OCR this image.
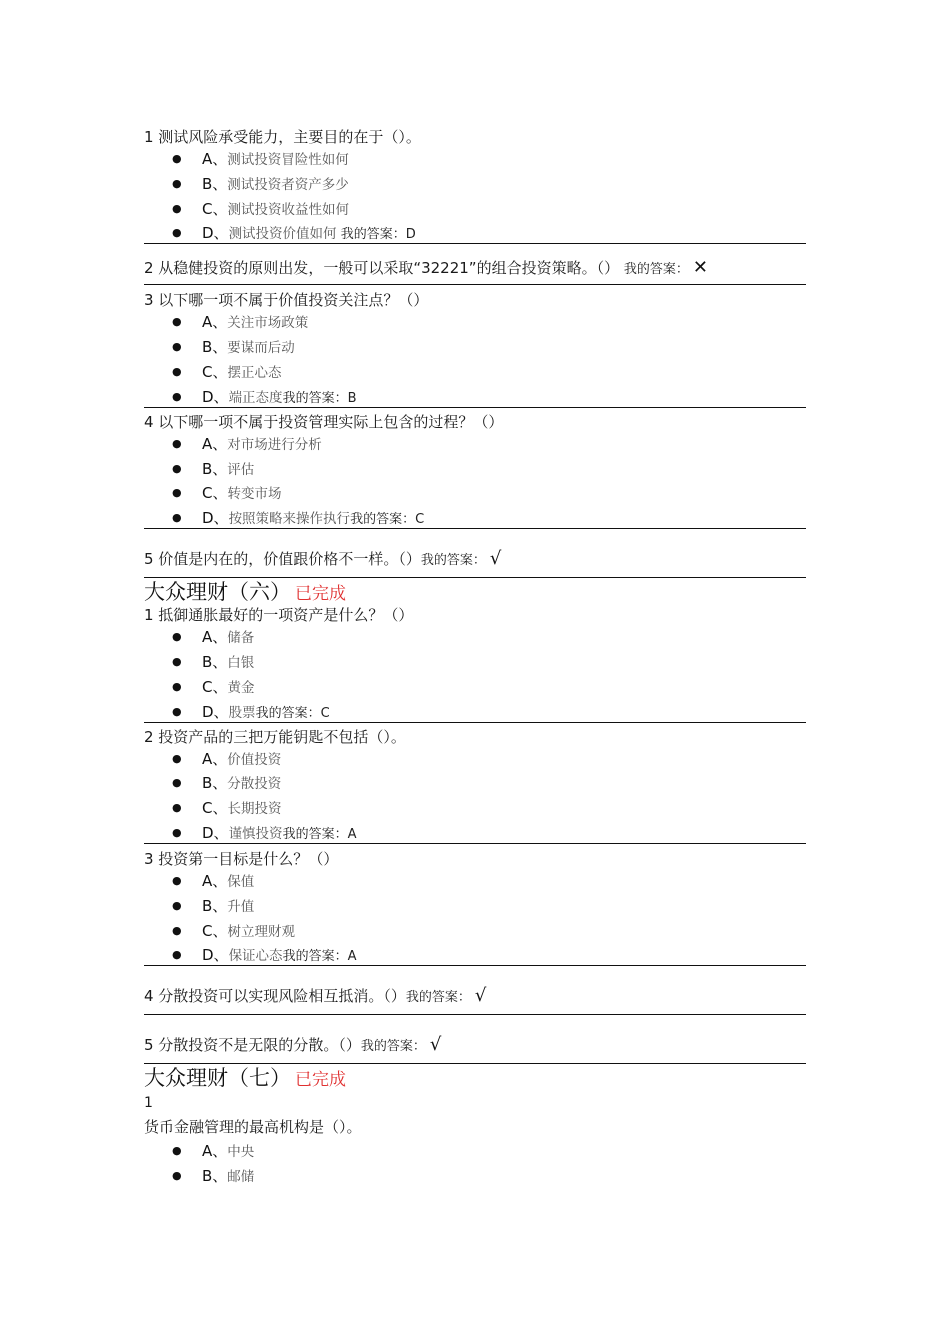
1 测试风险承受能力，主要目的在于（）。
● A、测试投资冒险性如何
● B、测试投资者资产多少
● C、测试投资收益性如何
● D、测试投资价值如何 我的答案：D
2 从稳健投资的原则出发，一般可以采取“32221”的组合投资策略。（） 我的答案： ✕
3 以下哪一项不属于价值投资关注点？（）
● A、关注市场政策
● B、要谋而后动
● C、摆正心态
● D、端正态度我的答案：B
4 以下哪一项不属于投资管理实际上包含的过程？（）
● A、对市场进行分析
● B、评估
● C、转变市场
● D、按照策略来操作执行我的答案：C
5 价值是内在的，价值跟价格不一样。（）我的答案： √
大众理财（六） 已完成
1 抵御通胀最好的一项资产是什么？（）
● A、储备
● B、白银
● C、黄金
● D、股票我的答案：C
2 投资产品的三把万能钥匙不包括（）。
● A、价值投资
● B、分散投资
● C、长期投资
● D、谨慎投资我的答案：A
3 投资第一目标是什么？（）
● A、保值
● B、升值
● C、树立理财观
● D、保证心态我的答案：A
4 分散投资可以实现风险相互抵消。（）我的答案： √
5 分散投资不是无限的分散。（）我的答案： √
大众理财（七） 已完成
1
货币金融管理的最高机构是（）。
● A、中央
● B、邮储
